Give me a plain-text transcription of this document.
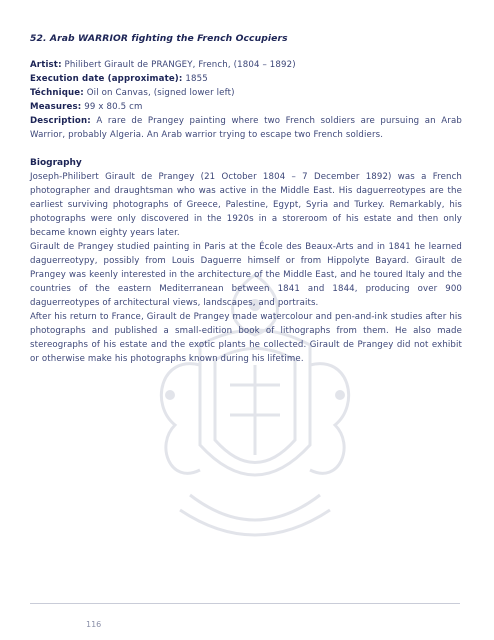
52. Arab WARRIOR fighting the French Occupiers

Artist: Philibert Girault de PRANGEY, French, (1804 – 1892)

Execution date (approximate): 1855

Téchnique: Oil on Canvas, (signed lower left)

Measures: 99 x 80.5 cm

Description: A rare de Prangey painting where two French soldiers are pursuing an Arab Warrior, probably Algeria. An Arab warrior trying to escape two French soldiers.

Biography

Joseph-Philibert Girault de Prangey (21 October 1804 – 7 December 1892) was a French photographer and draughtsman who was active in the Middle East. His daguerreotypes are the earliest surviving photographs of Greece, Palestine, Egypt, Syria and Turkey. Remarkably, his photographs were only discovered in the 1920s in a storeroom of his estate and then only became known eighty years later.

Girault de Prangey studied painting in Paris at the École des Beaux-Arts and in 1841 he learned daguerreotypy, possibly from Louis Daguerre himself or from Hippolyte Bayard. Girault de Prangey was keenly interested in the architecture of the Middle East, and he toured Italy and the countries of the eastern Mediterranean between 1841 and 1844, producing over 900 daguerreotypes of architectural views, landscapes, and portraits.

After his return to France, Girault de Prangey made watercolour and pen-and-ink studies after his photographs and published a small-edition book of lithographs from them. He also made stereographs of his estate and the exotic plants he collected. Girault de Prangey did not exhibit or otherwise make his photographs known during his lifetime.

116
